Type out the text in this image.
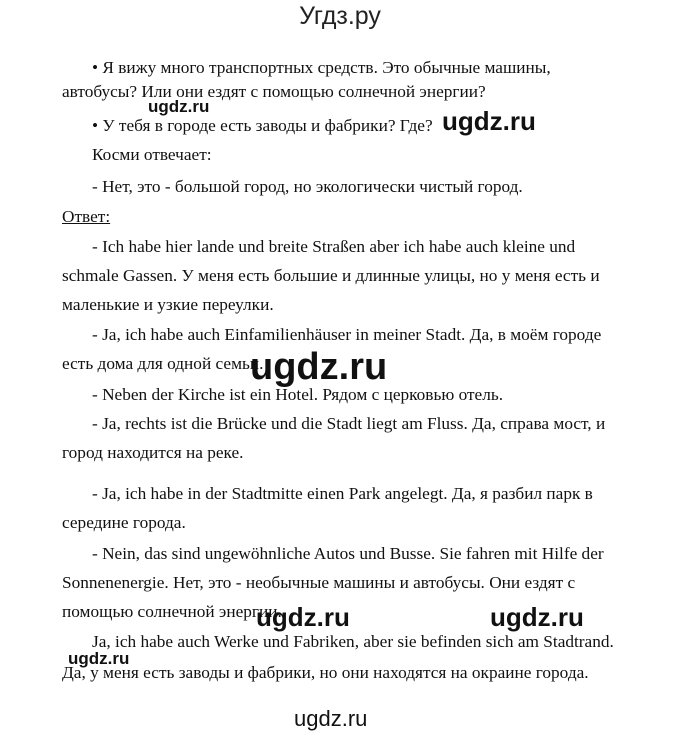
Угдз.ру
• Я вижу много транспортных средств. Это обычные машины,
автобусы? Или они ездят с помощью солнечной энергии?
• У тебя в городе есть заводы и фабрики? Где?
Косми отвечает:
- Нет, это - большой город, но экологически чистый город.
Ответ:
- Ich habe hier lande und breite Straßen aber ich habe auch kleine und
schmale Gassen. У меня есть большие и длинные улицы, но у меня есть и
маленькие и узкие переулки.
- Ja, ich habe auch Einfamilienhäuser in meiner Stadt. Да, в моём городе
есть дома для одной семьи.
- Neben der Kirche ist ein Hotel. Рядом с церковью отель.
- Ja, rechts ist die Brücke und die Stadt liegt am Fluss. Да, справа мост, и
город находится на реке.
- Ja, ich habe in der Stadtmitte einen Park angelegt. Да, я разбил парк в
середине города.
- Nein, das sind ungewöhnliche Autos und Busse. Sie fahren mit Hilfe der
Sonnenenergie. Нет, это - необычные машины и автобусы. Они ездят с
помощью солнечной энергии.
Ja, ich habe auch Werke und Fabriken, aber sie befinden sich am Stadtrand.
Да, у меня есть заводы и фабрики, но они находятся на окраине города.
ugdz.ru	ugdz.ru
ugdz.ru
ugdz.ru	ugdz.ru
ugdz.ru
ugdz.ru
